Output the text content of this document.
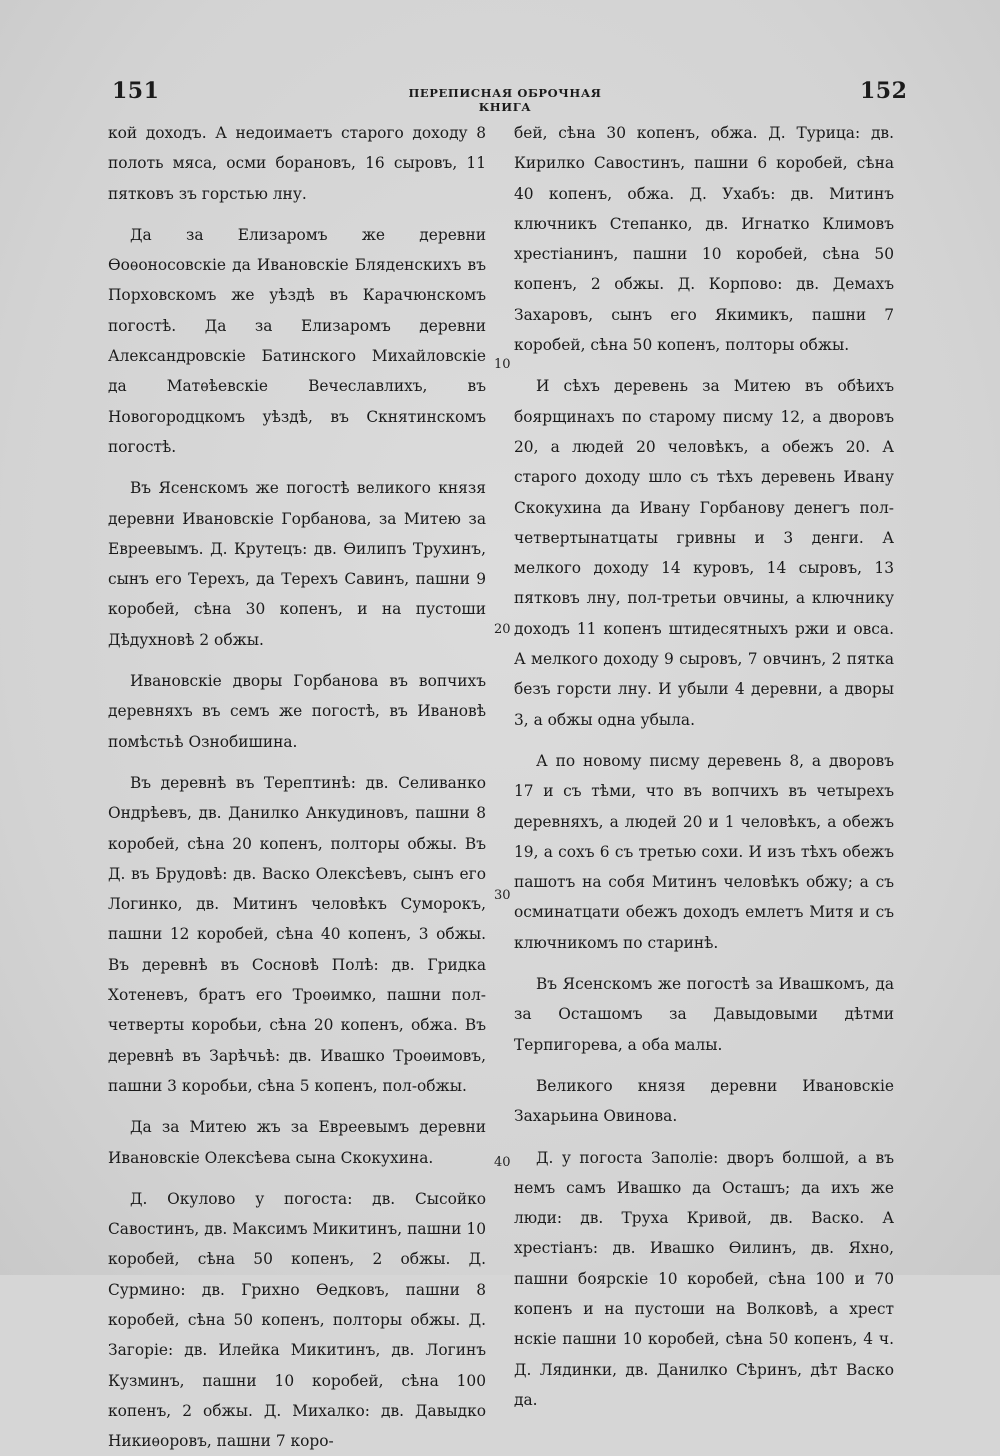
151	ПЕРЕПИСНАЯ ОБРОЧНАЯ КНИГА
152

кой доходъ. А недоимаетъ старого доходу 8 полоть мяса, осми борановъ, 16 сыровъ, 11 пятковъ зъ горстью лну.

Да за Елизаромъ же деревни Ѳоѳоносовскіе да Ивановскіе Бляденскихъ въ Порховскомъ же уѣздѣ въ Карачюнскомъ погостѣ. Да за Елизаромъ деревни Александровскіе Батинского Михайловскіе да Матѳѣевскіе Вечеславлихъ, въ Новогородцкомъ уѣздѣ, въ Скнятинскомъ погостѣ.

Въ Ясенскомъ же погостѣ великого князя деревни Ивановскіе Горбанова, за Митею за Евреевымъ. Д. Крутецъ: дв. Ѳилипъ Трухинъ, сынъ его Терехъ, да Терехъ Савинъ, пашни 9 коробей, сѣна 30 копенъ, и на пустоши Дѣдухновѣ 2 обжы.

Ивановскіе дворы Горбанова въ вопчихъ деревняхъ въ семъ же погостѣ, въ Ивановѣ помѣстьѣ Ознобишина.

Въ деревнѣ въ Терептинѣ: дв. Селиванко Ондрѣевъ, дв. Данилко Анкудиновъ, пашни 8 коробей, сѣна 20 копенъ, полторы обжы. Въ Д. въ Брудовѣ: дв. Васко Олексѣевъ, сынъ его Логинко, дв. Митинъ человѣкъ Суморокъ, пашни 12 коробей, сѣна 40 копенъ, 3 обжы. Въ деревнѣ въ Сосновѣ Полѣ: дв. Гридка Хотеневъ, братъ его Троѳимко, пашни пол-четверты коробьи, сѣна 20 копенъ, обжа. Въ деревнѣ въ Зарѣчьѣ: дв. Ивашко Троѳимовъ, пашни 3 коробьи, сѣна 5 копенъ, пол-обжы.

Да за Митею жъ за Евреевымъ деревни Ивановскіе Олексѣева сына Скокухина.

Д. Окулово у погоста: дв. Сысойко Савостинъ, дв. Максимъ Микитинъ, пашни 10 коробей, сѣна 50 копенъ, 2 обжы. Д. Сурмино: дв. Грихно Ѳедковъ, пашни 8 коробей, сѣна 50 копенъ, полторы обжы. Д. Загоріе: дв. Илейка Микитинъ, дв. Логинъ Кузминъ, пашни 10 коробей, сѣна 100 копенъ, 2 обжы. Д. Михалко: дв. Давыдко Никиѳоровъ, пашни 7 коро-

бей, сѣна 30 копенъ, обжа. Д. Турица: дв. Кирилко Савостинъ, пашни 6 коробей, сѣна 40 копенъ, обжа. Д. Ухабъ: дв. Митинъ ключникъ Степанко, дв. Игнатко Климовъ хрестіанинъ, пашни 10 коробей, сѣна 50 копенъ, 2 обжы. Д. Корпово: дв. Демахъ Захаровъ, сынъ его Якимикъ, пашни 7 коробей, сѣна 50 копенъ, полторы обжы.

И сѣхъ деревень за Митею въ обѣихъ боярщинахъ по старому писму 12, а дворовъ 20, а людей 20 человѣкъ, а обежъ 20. А старого доходу шло съ тѣхъ деревень Ивану Скокухина да Ивану Горбанову денегъ пол-четвертынатцаты гривны и 3 денги. А мелкого доходу 14 куровъ, 14 сыровъ, 13 пятковъ лну, пол-третьи овчины, а ключнику доходъ 11 копенъ штидесятныхъ ржи и овса. А мелкого доходу 9 сыровъ, 7 овчинъ, 2 пятка безъ горсти лну. И убыли 4 деревни, а дворы 3, а обжы одна убыла.

А по новому писму деревень 8, а дворовъ 17 и съ тѣми, что въ вопчихъ въ четырехъ деревняхъ, а людей 20 и 1 человѣкъ, а обежъ 19, а сохъ 6 съ третью сохи. И изъ тѣхъ обежъ пашотъ на собя Митинъ человѣкъ обжу; а съ осминатцати обежъ доходъ емлетъ Митя и съ ключникомъ по старинѣ.

Въ Ясенскомъ же погостѣ за Ивашкомъ, да за Осташомъ за Давыдовыми дѣтми Терпигорева, а оба малы.

Великого князя деревни Ивановскіе Захарьина Овинова.

Д. у погоста Заполіе: дворъ болшой, а въ немъ самъ Ивашко да Осташъ; да ихъ же люди: дв. Труха Кривой, дв. Васко. А хрестіанъ: дв. Ивашко Ѳилинъ, дв. Яхно, пашни боярскіе 10 коробей, сѣна 100 и 70 копенъ и на пустоши на Волковѣ, а хрест нскіе пашни 10 коробей, сѣна 50 копенъ, 4 ч. Д. Лядинки, дв. Данилко Сѣринъ, дѣт Васко да.

10
20
30
40
